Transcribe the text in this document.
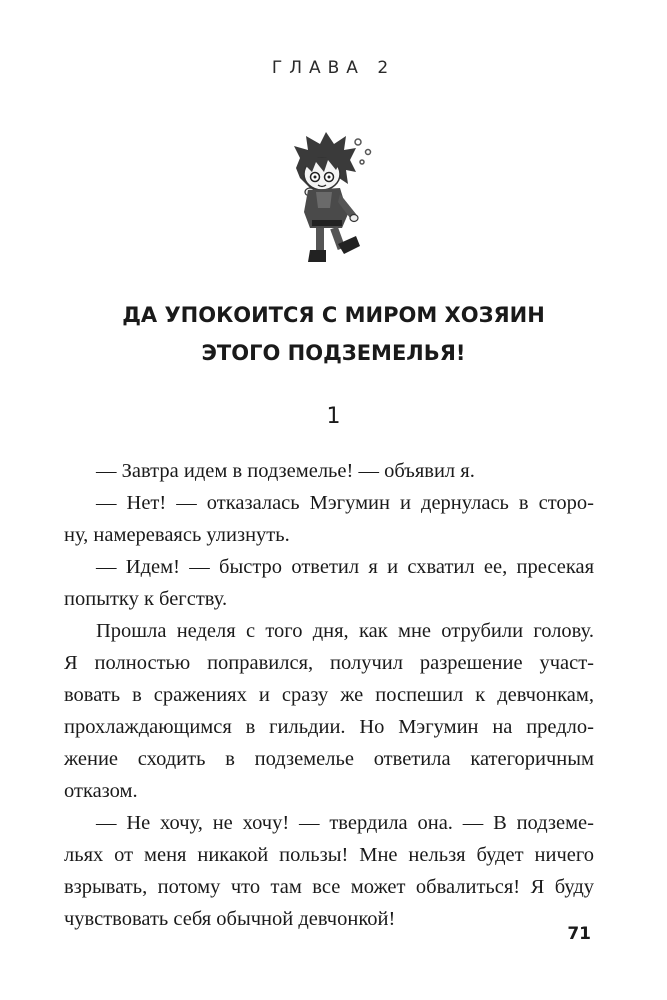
ГЛАВА 2
ДА УПОКОИТСЯ С МИРОМ ХОЗЯИН
ЭТОГО ПОДЗЕМЕЛЬЯ!
1
— Завтра идем в подземелье! — объявил я.
— Нет! — отказалась Мэгумин и дернулась в сторо-
ну, намереваясь улизнуть.
— Идем! — быстро ответил я и схватил ее, пресекая
попытку к бегству.
Прошла неделя с того дня, как мне отрубили голову.
Я полностью поправился, получил разрешение участ-
вовать в сражениях и сразу же поспешил к девчонкам,
прохлаждающимся в гильдии. Но Мэгумин на предло-
жение сходить в подземелье ответила категоричным
отказом.
— Не хочу, не хочу! — твердила она. — В подземе-
льях от меня никакой пользы! Мне нельзя будет ничего
взрывать, потому что там все может обвалиться! Я буду
чувствовать себя обычной девчонкой!
71
